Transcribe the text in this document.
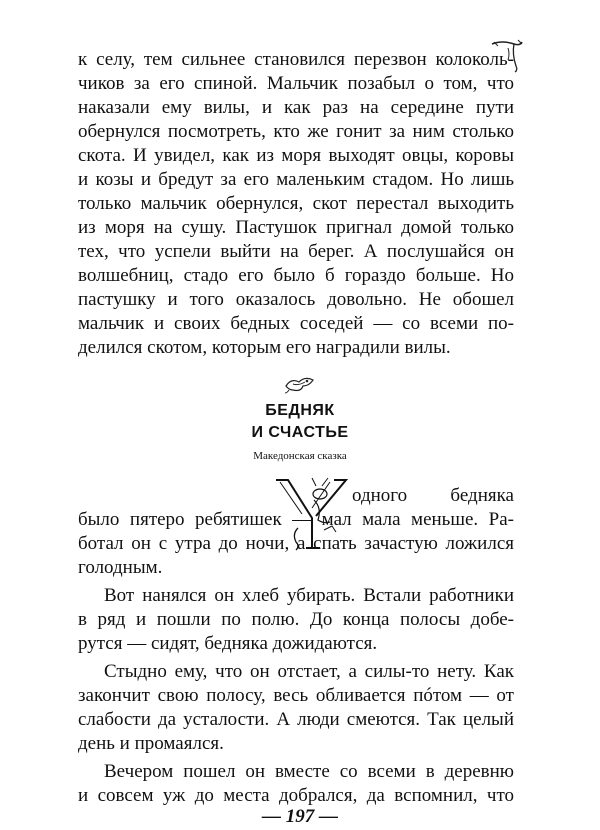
к селу, тем сильнее становился перезвон колоколь-
чиков за его спиной. Мальчик позабыл о том, что
наказали ему вилы, и как раз на середине пути
обернулся посмотреть, кто же гонит за ним столько
скота. И увидел, как из моря выходят овцы, коровы
и козы и бредут за его маленьким стадом. Но лишь
только мальчик обернулся, скот перестал выходить
из моря на сушу. Пастушок пригнал домой только
тех, что успели выйти на берег. А послушайся он
волшебниц, стадо его было б гораздо больше. Но
пастушку и того оказалось довольно. Не обошел
мальчик и своих бедных соседей — со всеми по-
делился скотом, которым его наградили вилы.
БЕДНЯК
И СЧАСТЬЕ
Македонская сказка
одного бедняка
было пятеро ребятишек — мал мала меньше. Ра-
ботал он с утра до ночи, а спать зачастую ложился
голодным.
Вот нанялся он хлеб убирать. Встали работники
в ряд и пошли по полю. До конца полосы добе-
рутся — сидят, бедняка дожидаются.
Стыдно ему, что он отстает, а силы-то нету. Как
закончит свою полосу, весь обливается пóтом — от
слабости да усталости. А люди смеются. Так целый
день и промаялся.
Вечером пошел он вместе со всеми в деревню
и совсем уж до места добрался, да вспомнил, что
— 197 —
